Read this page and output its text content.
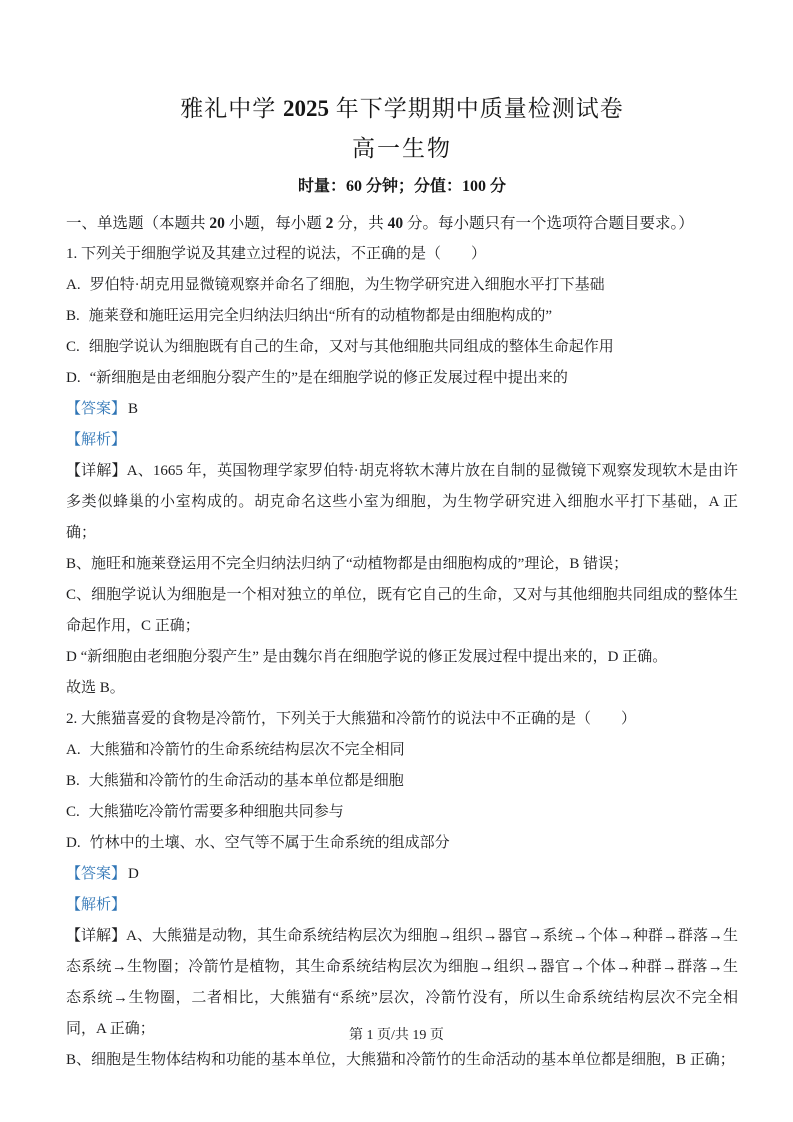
雅礼中学 2025 年下学期期中质量检测试卷
高一生物
时量：60 分钟；分值：100 分
一、单选题（本题共 20 小题，每小题 2 分，共 40 分。每小题只有一个选项符合题目要求。）

1. 下列关于细胞学说及其建立过程的说法，不正确的是（　　）

A. 罗伯特·胡克用显微镜观察并命名了细胞，为生物学研究进入细胞水平打下基础

B. 施莱登和施旺运用完全归纳法归纳出“所有的动植物都是由细胞构成的”

C. 细胞学说认为细胞既有自己的生命，又对与其他细胞共同组成的整体生命起作用

D. “新细胞是由老细胞分裂产生的”是在细胞学说的修正发展过程中提出来的

【答案】 B

【解析】

【详解】A、1665 年，英国物理学家罗伯特·胡克将软木薄片放在自制的显微镜下观察发现软木是由许多类似蜂巢的小室构成的。胡克命名这些小室为细胞，为生物学研究进入细胞水平打下基础，A 正确；

B、施旺和施莱登运用不完全归纳法归纳了“动植物都是由细胞构成的”理论，B 错误；

C、细胞学说认为细胞是一个相对独立的单位，既有它自己的生命，又对与其他细胞共同组成的整体生命起作用，C 正确；

D “新细胞由老细胞分裂产生” 是由魏尔肖在细胞学说的修正发展过程中提出来的，D 正确。

故选 B。

2. 大熊猫喜爱的食物是冷箭竹，下列关于大熊猫和冷箭竹的说法中不正确的是（　　）

A. 大熊猫和冷箭竹的生命系统结构层次不完全相同

B. 大熊猫和冷箭竹的生命活动的基本单位都是细胞

C. 大熊猫吃冷箭竹需要多种细胞共同参与

D. 竹林中的土壤、水、空气等不属于生命系统的组成部分

【答案】 D

【解析】

【详解】A、大熊猫是动物，其生命系统结构层次为细胞→组织→器官→系统→个体→种群→群落→生态系统→生物圈；冷箭竹是植物，其生命系统结构层次为细胞→组织→器官→个体→种群→群落→生态系统→生物圈，二者相比，大熊猫有“系统”层次，冷箭竹没有，所以生命系统结构层次不完全相同，A 正确；

B、细胞是生物体结构和功能的基本单位，大熊猫和冷箭竹的生命活动的基本单位都是细胞，B 正确；

第 1 页/共 19 页
